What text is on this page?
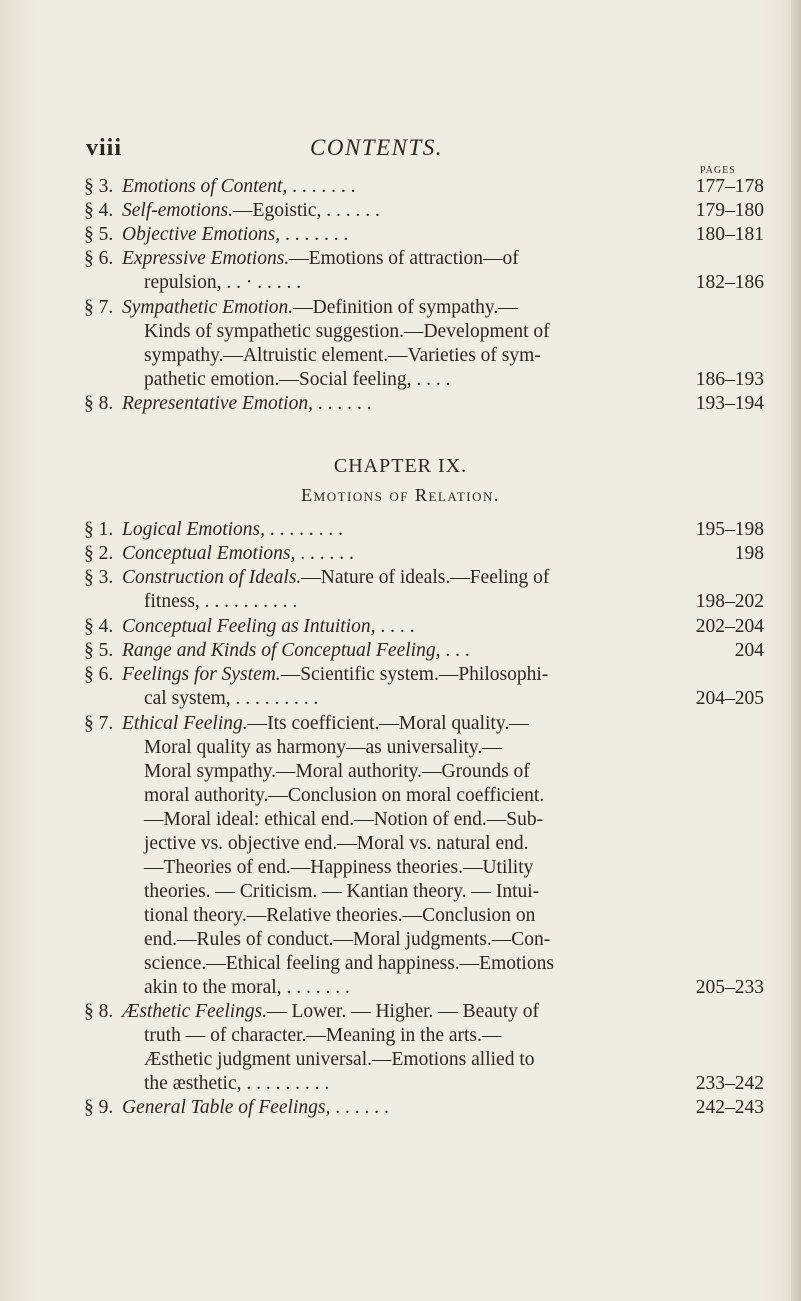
viii	CONTENTS.
PAGES
§ 3. Emotions of Content, . . . . . . .	177–178
§ 4. Self-emotions.—Egoistic, . . . . . .	179–180
§ 5. Objective Emotions, . . . . . . .	180–181
§ 6. Expressive Emotions.—Emotions of attraction—of
repulsion, . . · . . . . .	182–186
§ 7. Sympathetic Emotion.—Definition of sympathy.—
Kinds of sympathetic suggestion.—Development of
sympathy.—Altruistic element.—Varieties of sym-
pathetic emotion.—Social feeling, . . . .	186–193
§ 8. Representative Emotion, . . . . . .	193–194
CHAPTER IX.
Emotions of Relation.
§ 1. Logical Emotions, . . . . . . . .	195–198
§ 2. Conceptual Emotions, . . . . . .	198
§ 3. Construction of Ideals.—Nature of ideals.—Feeling of
fitness, . . . . . . . . . .	198–202
§ 4. Conceptual Feeling as Intuition, . . . .	202–204
§ 5. Range and Kinds of Conceptual Feeling, . . .	204
§ 6. Feelings for System.—Scientific system.—Philosophi-
cal system, . . . . . . . . .	204–205
§ 7. Ethical Feeling.—Its coefficient.—Moral quality.—
Moral quality as harmony—as universality.—
Moral sympathy.—Moral authority.—Grounds of
moral authority.—Conclusion on moral coefficient.
—Moral ideal: ethical end.—Notion of end.—Sub-
jective vs. objective end.—Moral vs. natural end.
—Theories of end.—Happiness theories.—Utility
theories. — Criticism. — Kantian theory. — Intui-
tional theory.—Relative theories.—Conclusion on
end.—Rules of conduct.—Moral judgments.—Con-
science.—Ethical feeling and happiness.—Emotions
akin to the moral, . . . . . . .	205–233
§ 8. Æsthetic Feelings.— Lower. — Higher. — Beauty of
truth — of character.—Meaning in the arts.—
Æsthetic judgment universal.—Emotions allied to
the æsthetic, . . . . . . . . .	233–242
§ 9. General Table of Feelings, . . . . . .	242–243
